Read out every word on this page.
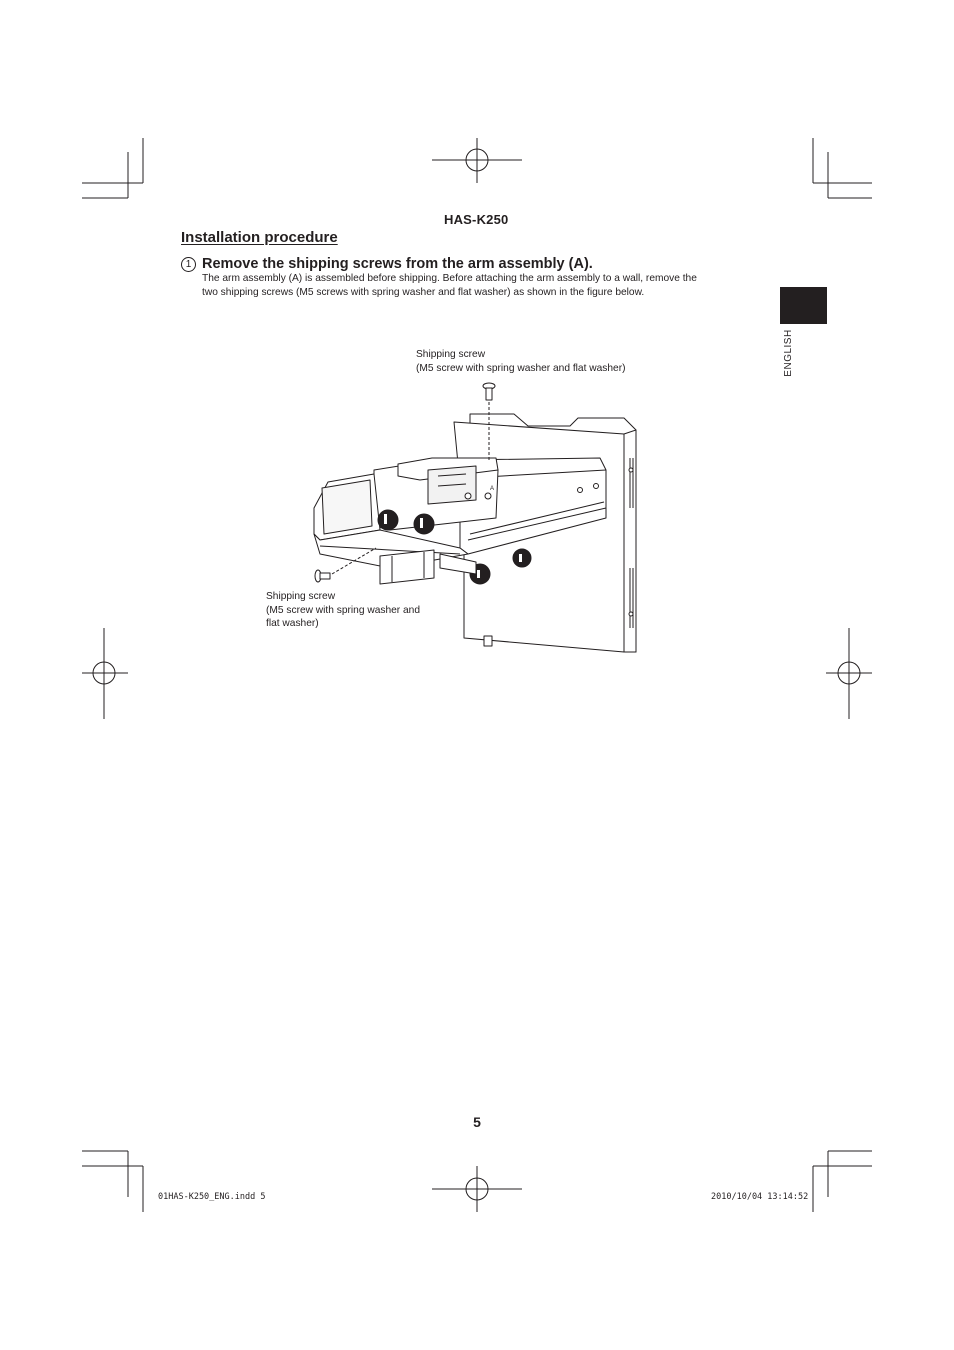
HAS-K250
Installation procedure
1 Remove the shipping screws from the arm assembly (A).
The arm assembly (A) is assembled before shipping. Before attaching the arm assembly to a wall, remove the
two shipping screws (M5 screws with spring washer and flat washer) as shown in the figure below.
ENGLISH
Shipping screw
(M5 screw with spring washer and flat washer)
Shipping screw
(M5 screw with spring washer and
flat washer)
A
5
01HAS-K250_ENG.indd 5	2010/10/04 13:14:52
